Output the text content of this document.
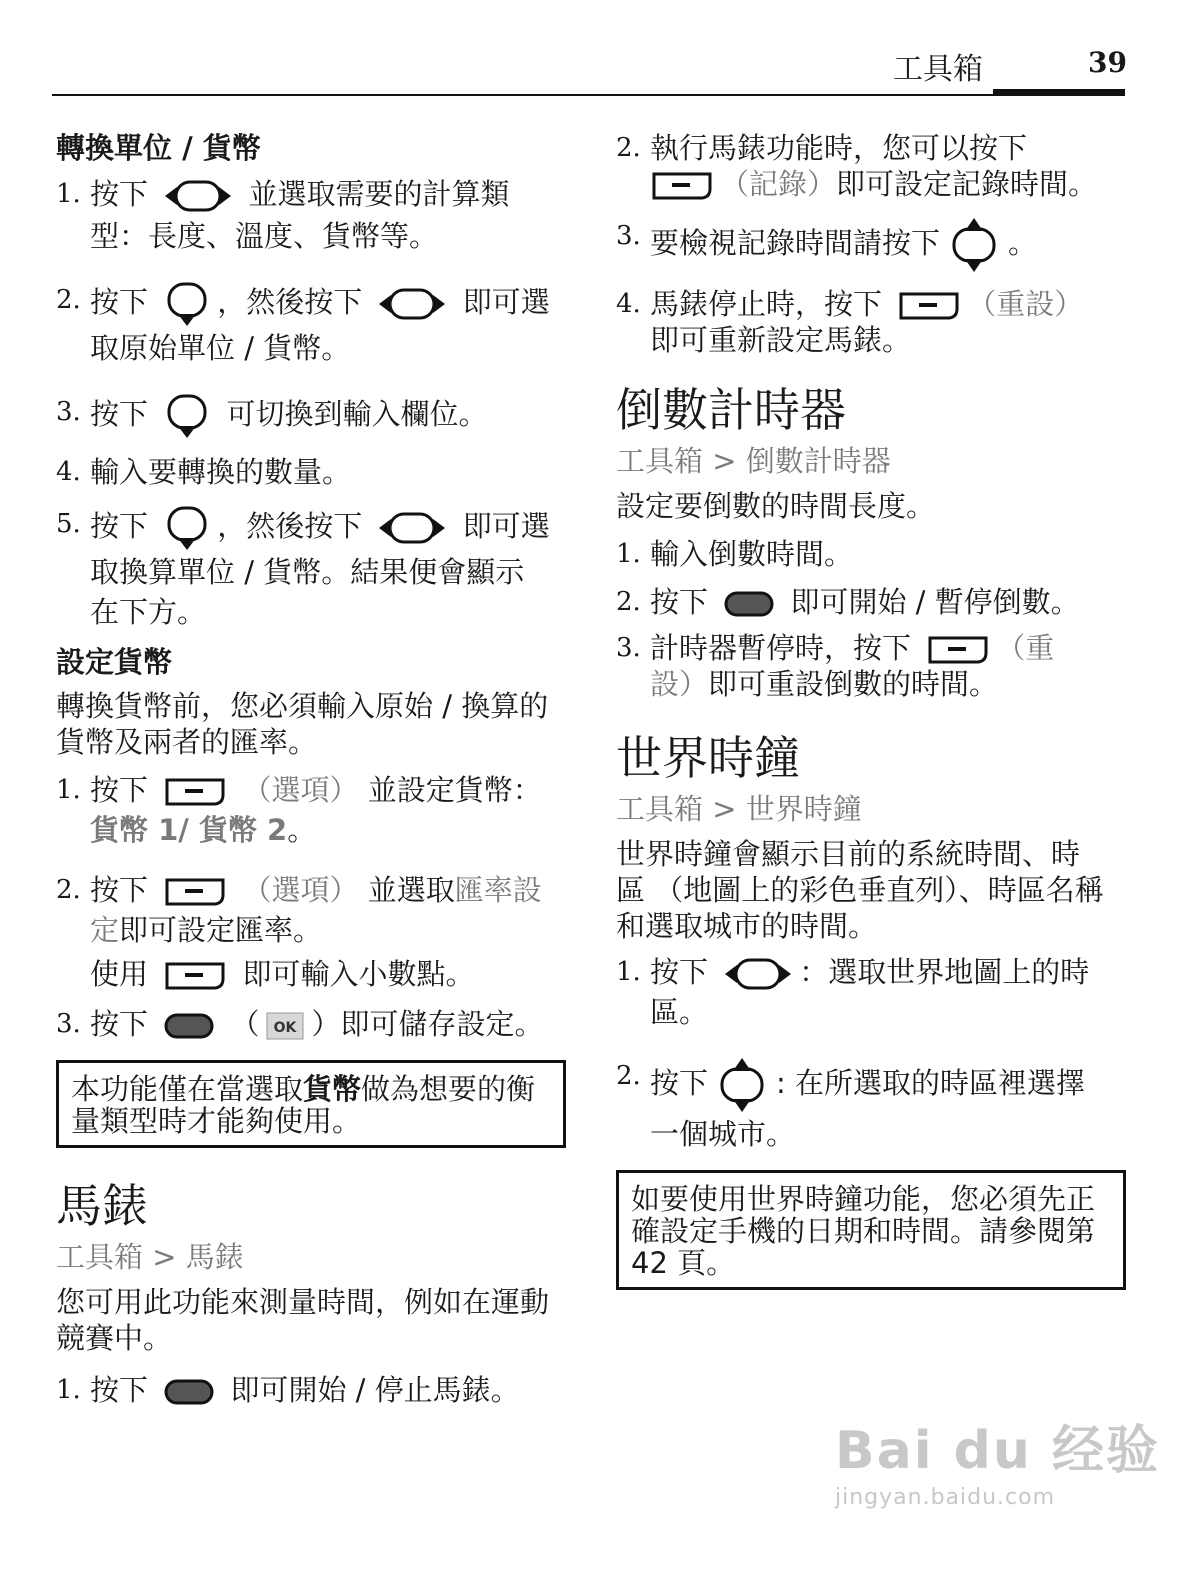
工具箱	39
轉換單位 / 貨幣
1. 按下	並選取需要的計算類
型：長度、溫度、貨幣等。
2. 按下 ，然後按下	即可選
取原始單位 / 貨幣。
3. 按下	可切換到輸入欄位。
4. 輸入要轉換的數量。
5. 按下 ，然後按下	即可選
取換算單位 / 貨幣。結果便會顯示
在下方。
設定貨幣
轉換貨幣前，您必須輸入原始 / 換算的貨幣及兩者的匯率。
1. 按下	（選項） 並設定貨幣：
貨幣 1/ 貨幣 2。
2. 按下	（選項） 並選取匯率設
定即可設定匯率。
使用	即可輸入小數點。
3. 按下	（ OK ）即可儲存設定。
本功能僅在當選取貨幣做為想要的衡量類型時才能夠使用。
馬錶
工具箱 > 馬錶
您可用此功能來測量時間，例如在運動競賽中。
1. 按下	即可開始 / 停止馬錶。
2. 執行馬錶功能時，您可以按下
（記錄）即可設定記錄時間。
3. 要檢視記錄時間請按下 。
4. 馬錶停止時，按下	（重設）
即可重新設定馬錶。
倒數計時器
工具箱 > 倒數計時器
設定要倒數的時間長度。
1. 輸入倒數時間。
2. 按下	即可開始 / 暫停倒數。
3. 計時器暫停時，按下	（重
設）即可重設倒數的時間。
世界時鐘
工具箱 > 世界時鐘
世界時鐘會顯示目前的系統時間、時區 （地圖上的彩色垂直列）、時區名稱和選取城市的時間。
1. 按下	：選取世界地圖上的時
區。
2. 按下 : 在所選取的時區裡選擇
一個城市。
如要使用世界時鐘功能，您必須先正確設定手機的日期和時間。請參閱第 42 頁。
Bai du 经验
jingyan.baidu.com
